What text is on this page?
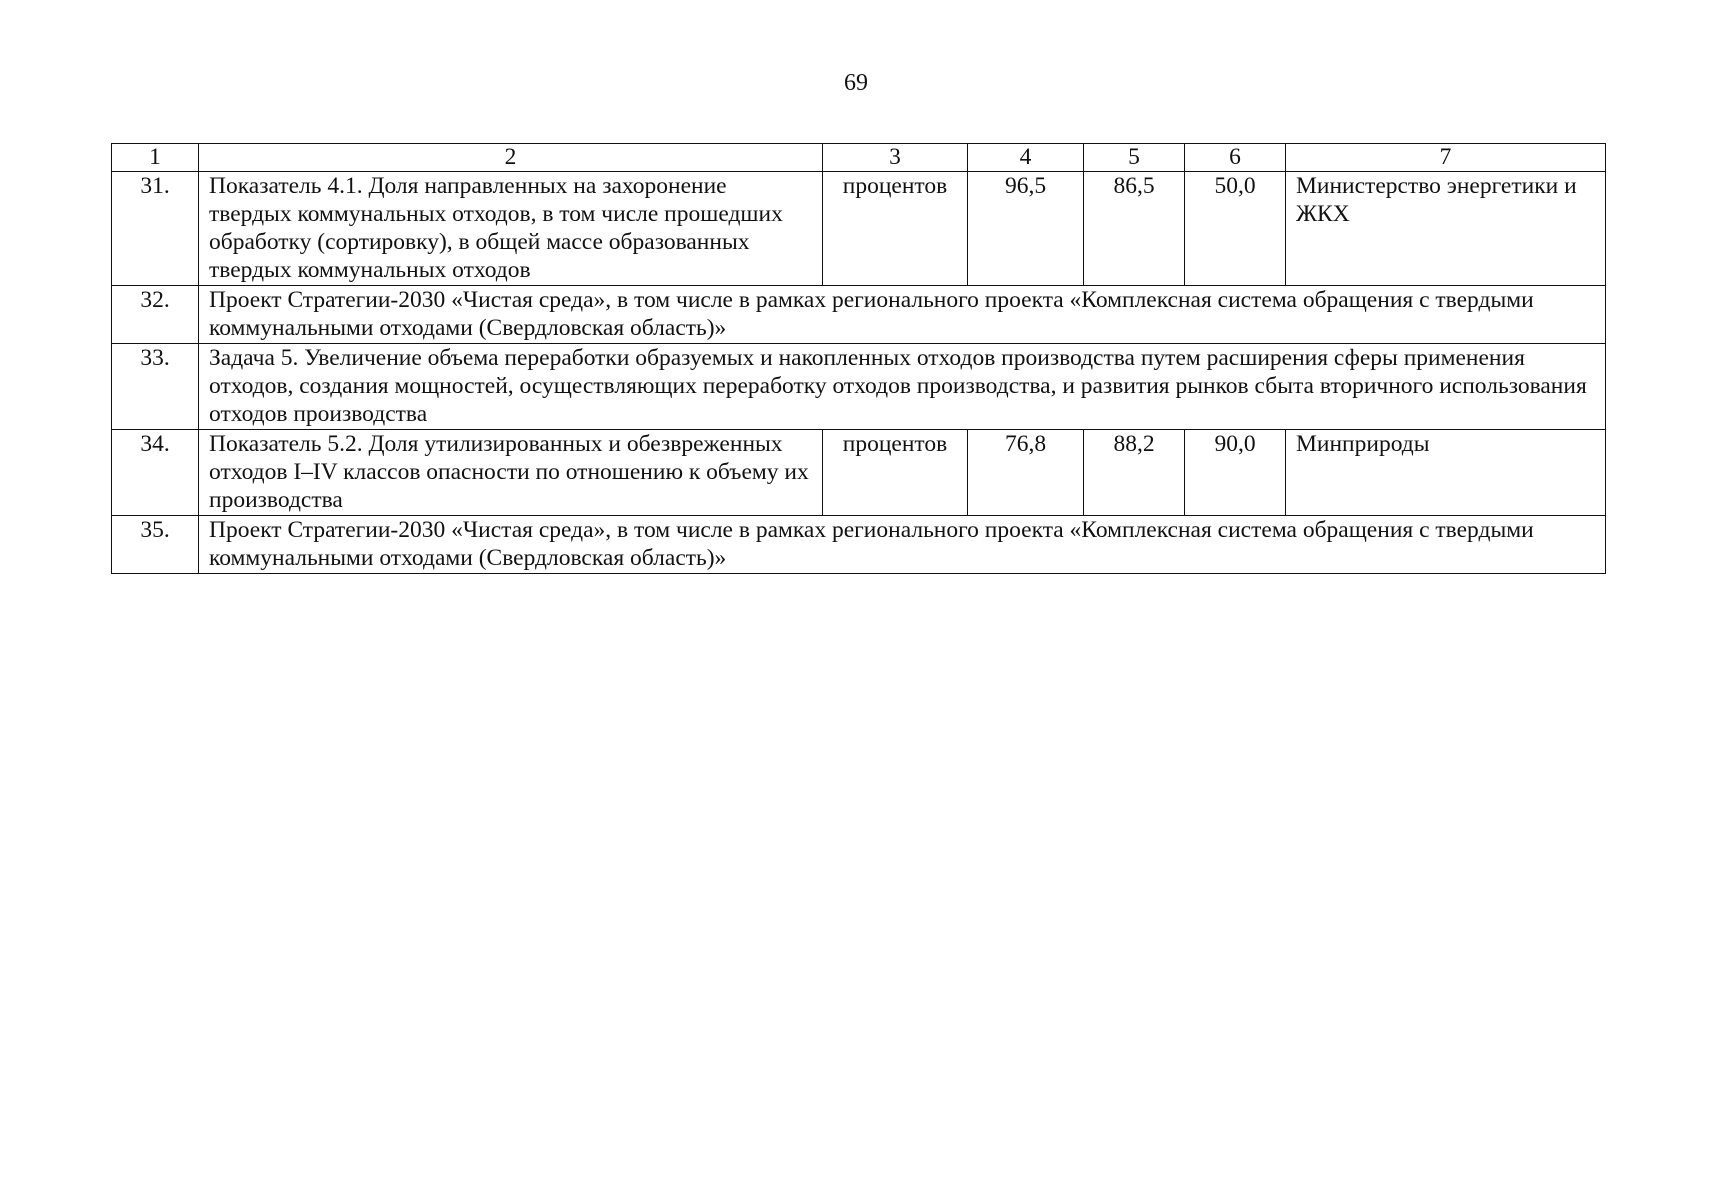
69
1	2	3	4	5	6	7
31.	Показатель 4.1. Доля направленных на захоронение твердых коммунальных отходов, в том числе прошедших обработку (сортировку), в общей массе образованных твердых коммунальных отходов	процентов	96,5	86,5	50,0	Министерство энергетики и ЖКХ
32.	Проект Стратегии-2030 «Чистая среда», в том числе в рамках регионального проекта «Комплексная система обращения с твердыми коммунальными отходами (Свердловская область)»					
33.	Задача 5. Увеличение объема переработки образуемых и накопленных отходов производства путем расширения сферы применения отходов, создания мощностей, осуществляющих переработку отходов производства, и развития рынков сбыта вторичного использования отходов производства					
34.	Показатель 5.2. Доля утилизированных и обезвреженных отходов I–IV классов опасности по отношению к объему их производства	процентов	76,8	88,2	90,0	Минприроды
35.	Проект Стратегии-2030 «Чистая среда», в том числе в рамках регионального проекта «Комплексная система обращения с твердыми коммунальными отходами (Свердловская область)»					
